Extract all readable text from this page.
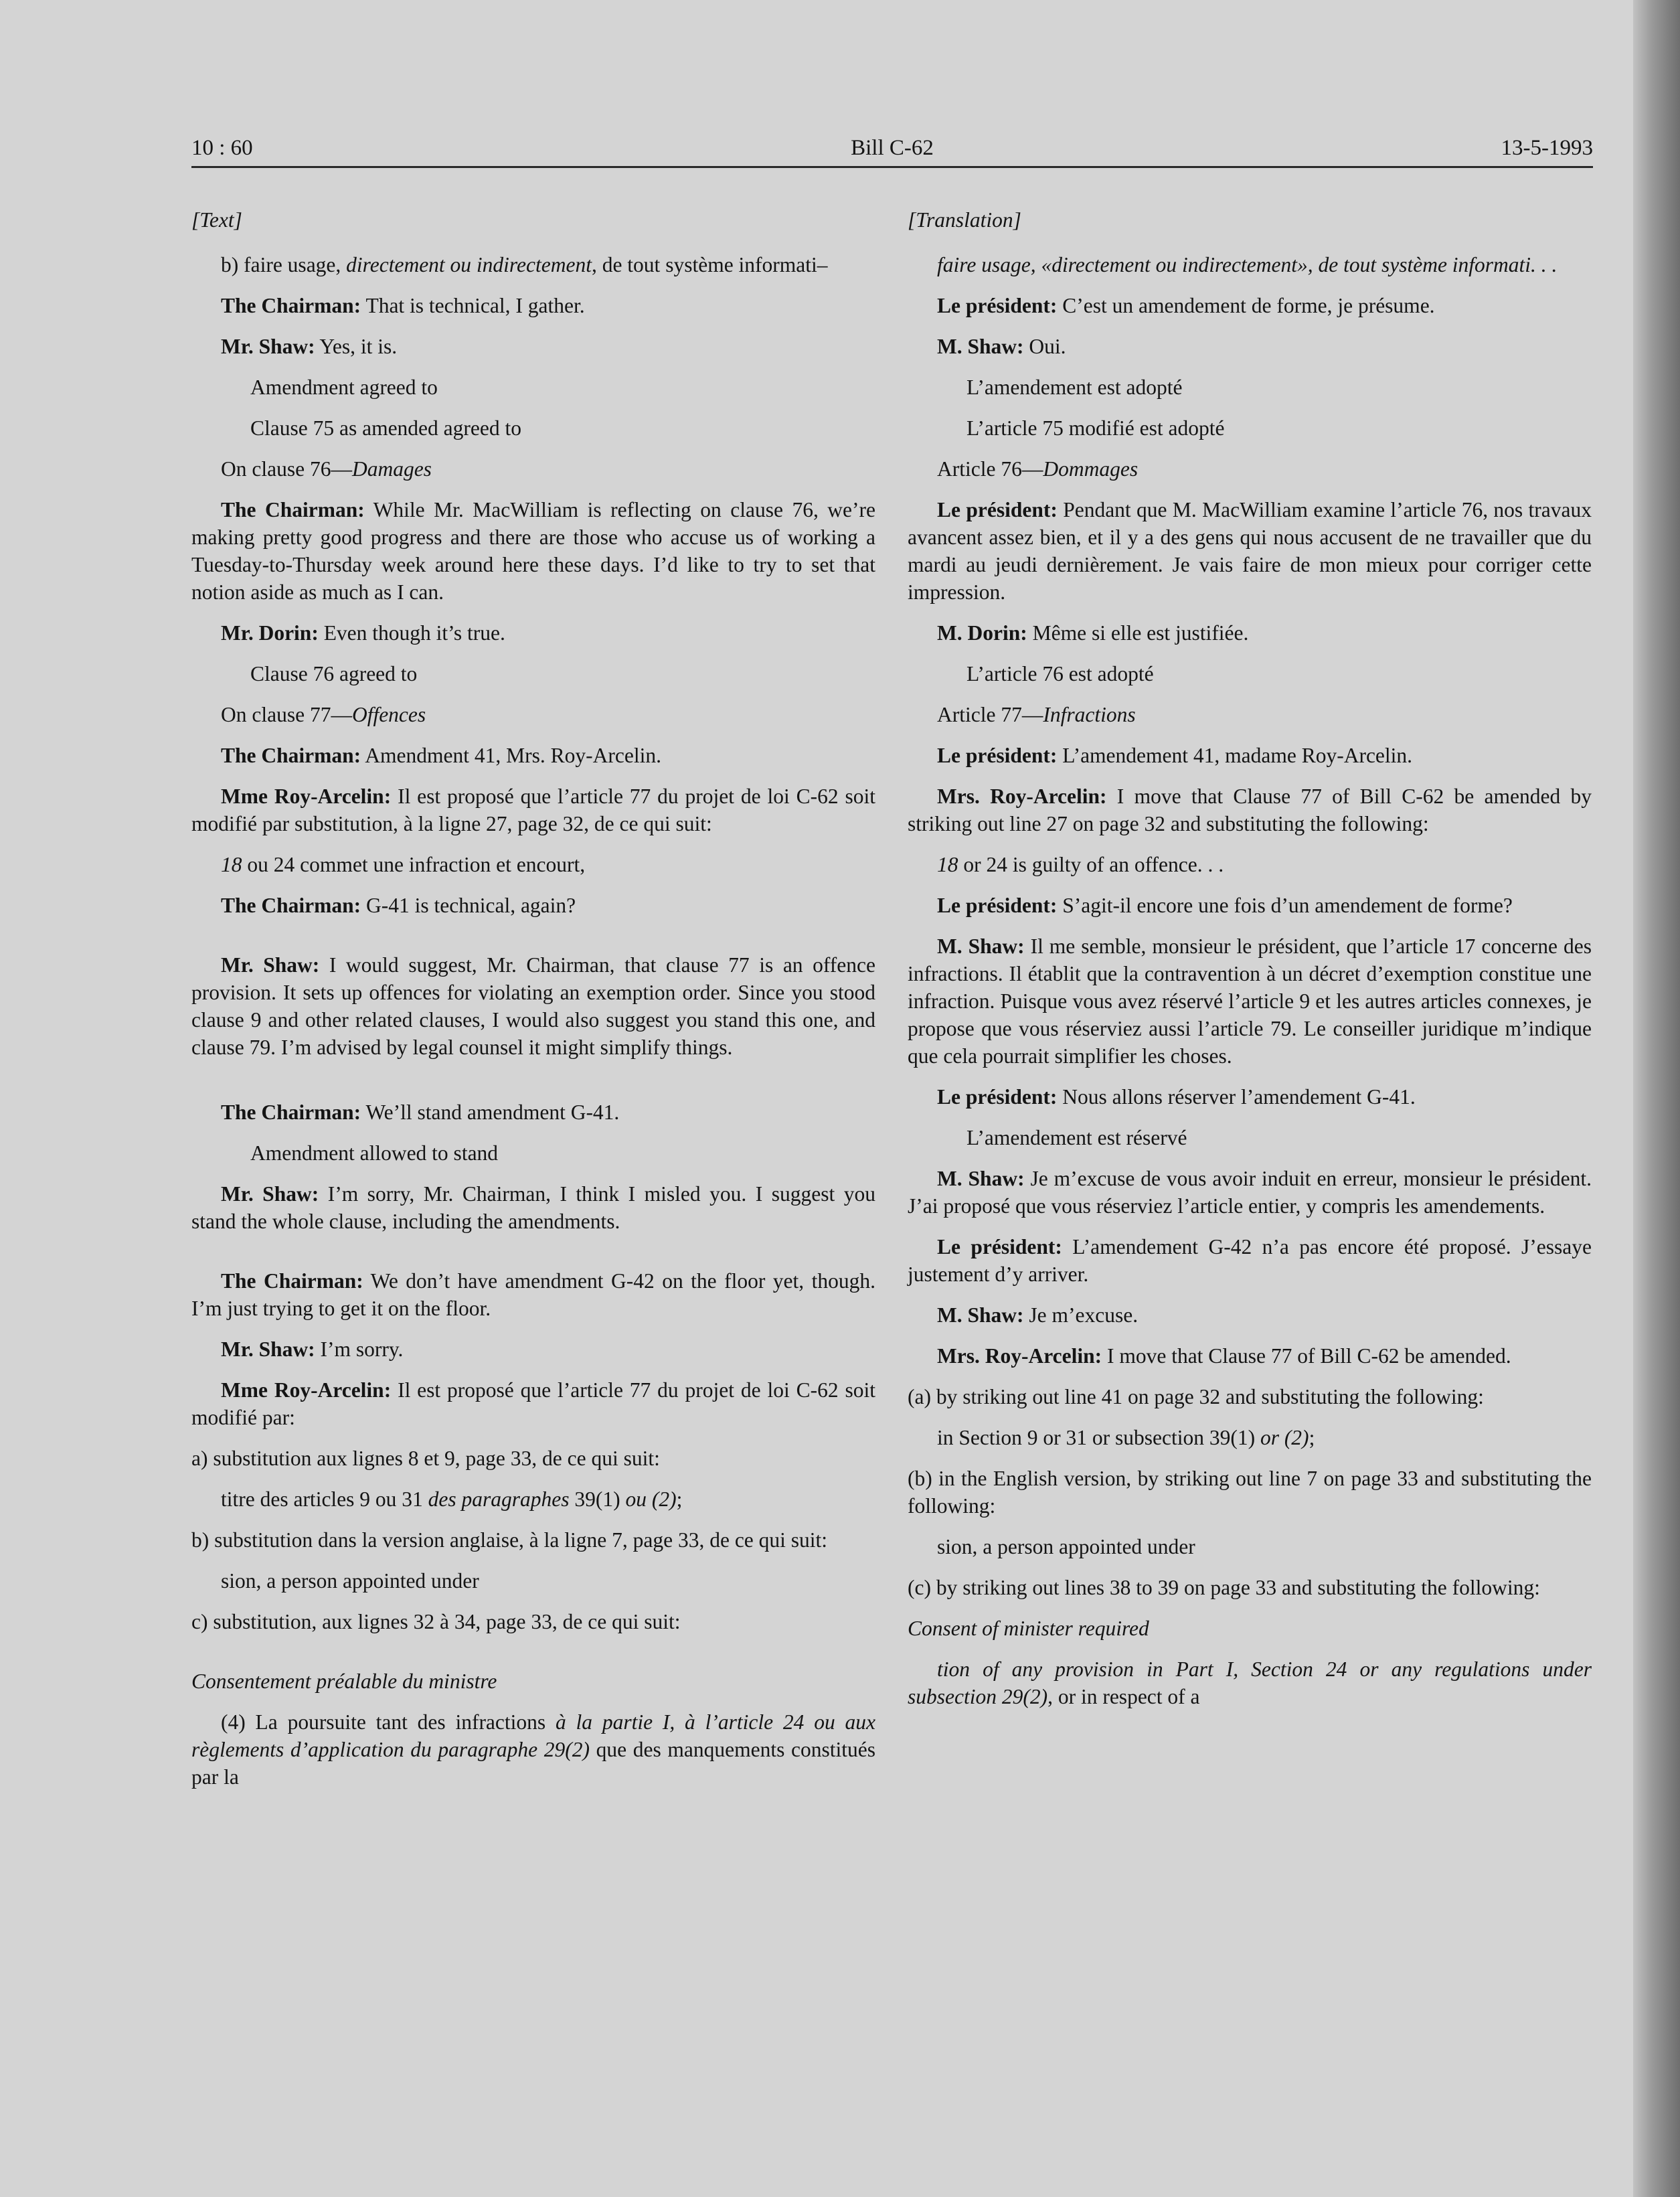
10 : 60	Bill C-62	13-5-1993

[Text]

b) faire usage, directement ou indirectement, de tout système informati–

The Chairman: That is technical, I gather.

Mr. Shaw: Yes, it is.

Amendment agreed to

Clause 75 as amended agreed to

On clause 76—Damages

The Chairman: While Mr. MacWilliam is reflecting on clause 76, we’re making pretty good progress and there are those who accuse us of working a Tuesday-to-Thursday week around here these days. I’d like to try to set that notion aside as much as I can.

Mr. Dorin: Even though it’s true.

Clause 76 agreed to

On clause 77—Offences

The Chairman: Amendment 41, Mrs. Roy-Arcelin.

Mme Roy-Arcelin: Il est proposé que l’article 77 du projet de loi C-62 soit modifié par substitution, à la ligne 27, page 32, de ce qui suit:

18 ou 24 commet une infraction et encourt,

The Chairman: G-41 is technical, again?

Mr. Shaw: I would suggest, Mr. Chairman, that clause 77 is an offence provision. It sets up offences for violating an exemption order. Since you stood clause 9 and other related clauses, I would also suggest you stand this one, and clause 79. I’m advised by legal counsel it might simplify things.

The Chairman: We’ll stand amendment G-41.

Amendment allowed to stand

Mr. Shaw: I’m sorry, Mr. Chairman, I think I misled you. I suggest you stand the whole clause, including the amendments.

The Chairman: We don’t have amendment G-42 on the floor yet, though. I’m just trying to get it on the floor.

Mr. Shaw: I’m sorry.

Mme Roy-Arcelin: Il est proposé que l’article 77 du projet de loi C-62 soit modifié par:

a) substitution aux lignes 8 et 9, page 33, de ce qui suit:

titre des articles 9 ou 31 des paragraphes 39(1) ou (2);

b) substitution dans la version anglaise, à la ligne 7, page 33, de ce qui suit:

sion, a person appointed under

c) substitution, aux lignes 32 à 34, page 33, de ce qui suit:

Consentement préalable du ministre

(4) La poursuite tant des infractions à la partie I, à l’article 24 ou aux règlements d’application du paragraphe 29(2) que des manquements constitués par la

[Translation]

faire usage, «directement ou indirectement», de tout système informati. . .

Le président: C’est un amendement de forme, je présume.

M. Shaw: Oui.

L’amendement est adopté

L’article 75 modifié est adopté

Article 76—Dommages

Le président: Pendant que M. MacWilliam examine l’article 76, nos travaux avancent assez bien, et il y a des gens qui nous accusent de ne travailler que du mardi au jeudi dernièrement. Je vais faire de mon mieux pour corriger cette impression.

M. Dorin: Même si elle est justifiée.

L’article 76 est adopté

Article 77—Infractions

Le président: L’amendement 41, madame Roy-Arcelin.

Mrs. Roy-Arcelin: I move that Clause 77 of Bill C-62 be amended by striking out line 27 on page 32 and substituting the following:

18 or 24 is guilty of an offence. . .

Le président: S’agit-il encore une fois d’un amendement de forme?

M. Shaw: Il me semble, monsieur le président, que l’article 17 concerne des infractions. Il établit que la contravention à un décret d’exemption constitue une infraction. Puisque vous avez réservé l’article 9 et les autres articles connexes, je propose que vous réserviez aussi l’article 79. Le conseiller juridique m’indique que cela pourrait simplifier les choses.

Le président: Nous allons réserver l’amendement G-41.

L’amendement est réservé

M. Shaw: Je m’excuse de vous avoir induit en erreur, monsieur le président. J’ai proposé que vous réserviez l’article entier, y compris les amendements.

Le président: L’amendement G-42 n’a pas encore été proposé. J’essaye justement d’y arriver.

M. Shaw: Je m’excuse.

Mrs. Roy-Arcelin: I move that Clause 77 of Bill C-62 be amended.

(a) by striking out line 41 on page 32 and substituting the following:

in Section 9 or 31 or subsection 39(1) or (2);

(b) in the English version, by striking out line 7 on page 33 and substituting the following:

sion, a person appointed under

(c) by striking out lines 38 to 39 on page 33 and substituting the following:

Consent of minister required

tion of any provision in Part I, Section 24 or any regulations under subsection 29(2), or in respect of a
